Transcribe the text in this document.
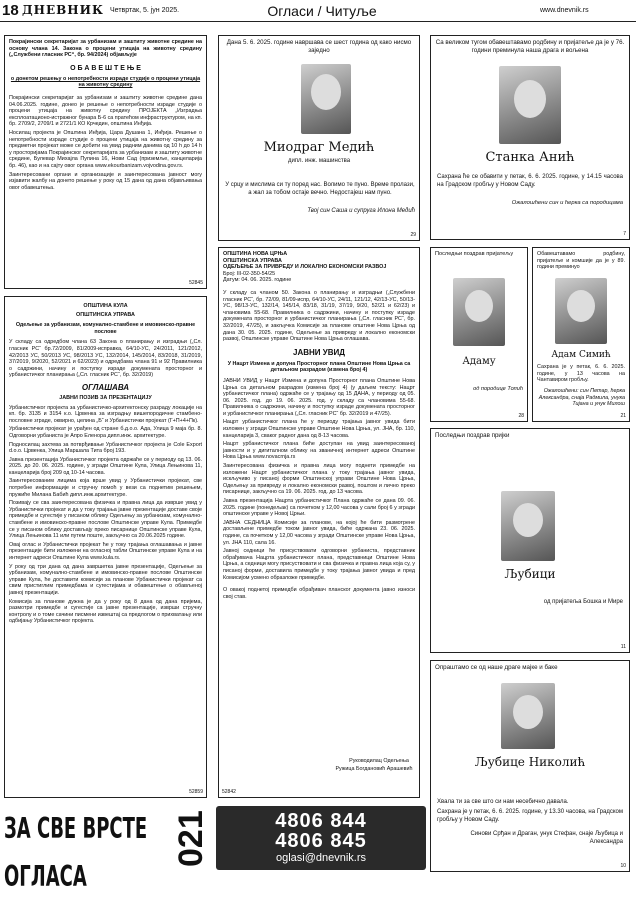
18 ДНЕВНИК Четвртак, 5. јун 2025.	Огласи / Читуље	www.dnevnik.rs

Покрајински секретаријат за урбанизам и заштиту животне средине на основу члана 14. Закона о процени утицаја на животну средину („Службени гласник РС“, бр. 94/2024) објављује

О Б А В Е Ш Т Е Њ Е

о донетом решењу о непотребности израде студије о процени утицаја на животну средину

Покрајински секретаријат за урбанизам и заштиту животне средине дана 04.06.2025. године, донео је решење о непотребности израде студије о процени утицаја на животну средину ПРОЈЕКТА „Изградња експлоатационо-истражног бунара Б-6 са пратећом инфраструктуром, на кп. бр. 2709/2, 2709/1 и 2721/1 КО Крчедин, општина Инђија.

Носилац пројекта је Општина Инђија, Цара Душана 1, Инђија. Решење о непотребности израде студије о процени утицаја на животну средину за предметни пројекат може се добити на увид радним данима од 10 h до 14 h у просторијама Покрајинског секретаријата за урбанизам и заштиту животне средине, Булевар Михајла Пупина 16, Нови Сад (приземље, канцеларија бр. 46), као и на сајту овог органа www.ekourbanizam.vojvodina.gov.rs.

Заинтересовани органи и организације и заинтересована јавност могу изјавити жалбу на донето решење у року од 15 дана од дана објављивања овог обавештења.

52845

ОПШТИНА КУЛА

ОПШТИНСКА УПРАВА

Одељење за урбанизам, комунално-стамбене и имовинско-правне послове

У складу са одредбом члана 63 Закона о планирању и изградњи („Сл. гласник РС“ бр.72/2009, 81/2009-исправка, 64/10-УС, 24/2011, 121/2012, 42/2013 УС, 50/2013 УС, 98/2013 УС, 132/2014, 145/2014, 83/2018, 31/2019, 37/2019, 9/2020, 52/2021 и 62/2023) и одредбама члана 91 и 92 Правилника о садржини, начину и поступку израде докумената просторног и урбанистичког планирања („Сл. гласник РС“, бр. 32/2019)

ОГЛАШАВА

ЈАВНИ ПОЗИВ ЗА ПРЕЗЕНТАЦИЈУ

Урбанистичког пројекта за урбанистичко-архитектонску разраду локације на кп. бр. 3135 и 3154 к.о. Црвенка за изградњу вишепородичне стамбено-пословне зграде, оквирно, целина „Б“ и Урбанистички пројекат (Г+П+4+Пк).

Урбанистички пројекат је урађен од стране б.д.о.о. Ада, Улица 9 маја бр. 8. Одговорни урбаниста је Апро Еленора дипл.инж. архитектуре.

Подносилац захтева за потврђивање Урбанистичког пројекта је Cole Export d.o.o. Црвенка, Улица Маршала Тита број 193.

Јавна презентација Урбанистичког пројекта одржаће се у периоду од 13. 06. 2025. до 20. 06. 2025. године, у згради Општине Кула, Улица Лењинова 11, канцеларија број 209 од 10-14 часова.

Заинтересованим лицима која врше увид у Урбанистички пројекат, све потребне информације и стручну помоћ у вези са поднетим решењем, пружиће Милана Бабић дипл.инж.архитектуре.

Позивају се сва заинтересована физичка и правна лица да изврше увид у Урбанистички пројекат и да у току трајања јавне презентације доставе своје примедбе и сугестије у писаном облику Одељењу за урбанизам, комунално-стамбене и имовинско-правне послове Општинске управе Кула. Примедбе се у писаном облику достављају преко писарнице Општинске управе Кула, Улица Лењинова 11 или путем поште, закључно са 20.06.2025 године.

Овај оглас и Урбанистички пројекат ће у току трајања оглашавања и јавне презентације бити изложени на огласној табли Општинске управе Кула и на интернет адреси Општине Кула www.kula.rs.

У року од три дана од дана завршетка јавне презентације, Одељење за урбанизам, комунално-стамбене и имовинско-правне послове Општинске управе Кула, ће доставити комисији за планове Урбанистички пројекат са свим пристиглим примедбама и сугестијама и обавештење о обављеној јавној презентацији.

Комисија за планове дужна је да у року од 8 дана од дана пријема, размотри примедбе и сугестије са јавне презентације, изврши стручну контролу и о томе сачини писмени извештај са предлогом о прихватању или одбијању Урбанистичког пројекта.

52859

Дана 5. 6. 2025. године навршава се шест година од како нисмо заједно

Миодраг Медић
дипл. инж. машинства

У срцу и мислима си ту поред нас. Волимо те пуно. Време пролази, а жал за тобом остаје вечно. Недостајеш нам пуно.

Твој син Саша и супруга Илона Медић

29

ОПШТИНА НОВА ЦРЊА

ОПШТИНСКА УПРАВА

ОДЕЉЕЊЕ ЗА ПРИВРЕДУ И ЛОКАЛНО ЕКОНОМСКИ РАЗВОЈ

Број: III-02-350-54/25

Датум: 04. 06. 2025. године

У складу са чланом 50. Закона о планирању и изградњи („Службени гласник РС“, бр. 72/09, 81/09-испр, 64/10-УС, 24/11, 121/12, 42/13-УС, 50/13-УС, 98/13-УС, 132/14, 145/14, 83/18, 31/19, 37/19, 9/20, 52/21 и 62/23) и члановима 55-68. Правилника о садржини, начину и поступку израде докумената просторног и урбанистичког планирања („Сл. гласник РС“, бр. 32/2019, 47/25), и закључка Комисије за планове општине Нова Црња од дана 30. 05. 2025. године, Одељење за привреду и локално економски развој, Општинске управе Општине Нова Црња оглашава.

ЈАВНИ УВИД

У Нацрт Измена и допуна Просторног плана Општине Нова Црња са детаљном разрадом (измена број 4)

ЈАВНИ УВИД у Нацрт Измена и допуна Просторног плана Општине Нова Црња са детаљном разрадом (измена број 4) (у даљем тексту: Нацрт урбанистичког плана) одржаће се у трајању од 15 ДАНА, у периоду од 05. 06. 2025. год. до 19. 06. 2025. год. у складу са члановима 55-68. Правилника о садржини, начину и поступку израде докумената просторног и урбанистичког планирања („Сл. гласник РС“ бр. 32/2019 и 47/25).

Нацрт урбанистичког плана ће у периоду трајања јавног увида бити изложен у згради Општинске управе Општине Нова Црња, ул. ЈНА, бр. 110, канцеларија 3, сваког радног дана од 8-13 часова.

Нацрт урбанистичког плана биће доступан на увид заинтересованој јавности и у дигиталном облику на званичној интернет адреси Општине Нова Црња www.novacrnja.rs

Заинтересована физичка и правна лица могу поднети примедбе на изложени Нацрт урбанистичког плана у току трајања јавног увида, искључиво у писаној форми Општинској управи Општине Нова Црња, Одељењу за привреду и локално економски развој, поштом и лично преко писарнице, закључно са 19. 06. 2025. год. до 13 часова.

Јавна презентација Нацрта урбанистичког Плана одржаће се дана 09. 06. 2025. године (понедељак) са почетком у 12,00 часова у сали број 6 у згради општинске управе у Новој Црњи.

ЈАВНА СЕДНИЦА Комисије за планове, на којој ће бити размотрене достављене примедбе током јавног увида, биће одржана 23. 06. 2025. године, са почетком у 12,00 часова у згради Општинске управе Нова Црња, ул. ЈНА 110, сала 16.

Јавној седници ће присуствовати одговорни урбаниста, представник обрађивача Нацрта урбанистичког плана, представници Општине Нова Црња, а седници могу присуствовати и сва физичка и правна лица која су, у писаној форми, доставила примедбе у току трајања јавног увида и пред Комисијом усмено образложе примедбе.

О овакој поднетој примедби обрађивач планског документа јавно износи свој став.

Руководилац Одељења

Ружица Богдановић Арашевић

52842

Са великом тугом обавештавамо родбину и пријатеље да је у 76. години преминула наша драга и вољена

Станка Анић

Сахрана ће се обавити у петак, 6. 6. 2025. године, у 14.15 часова на Градском гробљу у Новом Саду.

Ожалошћени син и ћерка са породицама

7

Последњи поздрав пријатељу

Адаму

од породице Топић

28

Обавештавамо родбину, пријатеље и комшије да је у 89. години преминуо

Адам Симић

Сахрана је у петак, 6. 6. 2025. године, у 13 часова на Чантавиром гробљу.

Ожалошћени: син Петар, ћерка Александра, снаја Радмила, унука Тијана и унук Милош

21

Последњи поздрав пријки

Љубици

од пријатеља Бошка и Мире

11

Опраштамо се од наше драге мајке и баке

Љубице Николић

Хвала ти за све што си нам несебично давала.

Сахрана је у петак, 6. 6. 2025. године, у 13.30 часова, на Градском гробљу у Новом Саду.

Синови Срђан и Драган, унук Стефан, снаје Љубица и Александра

10
ЗА СВЕ ВРСТЕ ОГЛАСА
021	4806 844
4806 845
oglasi@dnevnik.rs
